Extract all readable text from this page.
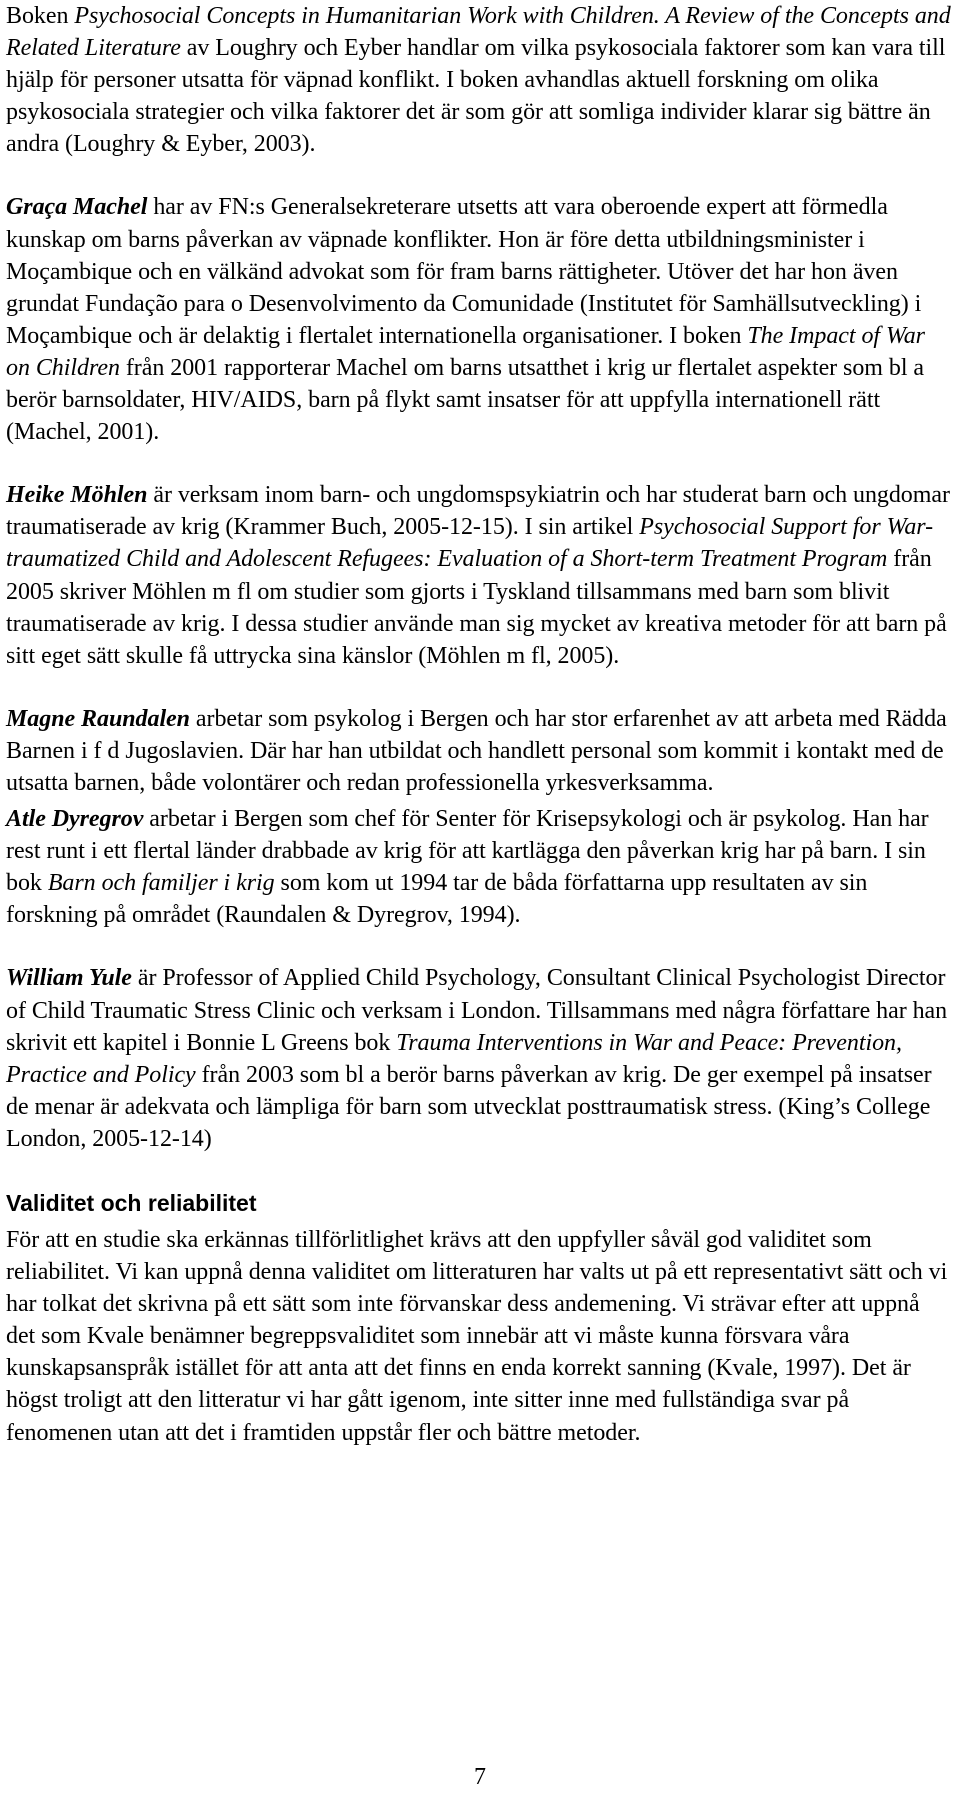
Boken Psychosocial Concepts in Humanitarian Work with Children. A Review of the Concepts and Related Literature av Loughry och Eyber handlar om vilka psykosociala faktorer som kan vara till hjälp för personer utsatta för väpnad konflikt. I boken avhandlas aktuell forskning om olika psykosociala strategier och vilka faktorer det är som gör att somliga individer klarar sig bättre än andra (Loughry & Eyber, 2003).

Graça Machel har av FN:s Generalsekreterare utsetts att vara oberoende expert att förmedla kunskap om barns påverkan av väpnade konflikter. Hon är före detta utbildningsminister i Moçambique och en välkänd advokat som för fram barns rättigheter. Utöver det har hon även grundat Fundação para o Desenvolvimento da Comunidade (Institutet för Samhällsutveckling) i Moçambique och är delaktig i flertalet internationella organisationer. I boken The Impact of War on Children från 2001 rapporterar Machel om barns utsatthet i krig ur flertalet aspekter som bl a berör barnsoldater, HIV/AIDS, barn på flykt samt insatser för att uppfylla internationell rätt (Machel, 2001).

Heike Möhlen är verksam inom barn- och ungdomspsykiatrin och har studerat barn och ungdomar traumatiserade av krig (Krammer Buch, 2005-12-15). I sin artikel Psychosocial Support for War-traumatized Child and Adolescent Refugees: Evaluation of a Short-term Treatment Program från 2005 skriver Möhlen m fl om studier som gjorts i Tyskland tillsammans med barn som blivit traumatiserade av krig. I dessa studier använde man sig mycket av kreativa metoder för att barn på sitt eget sätt skulle få uttrycka sina känslor (Möhlen m fl, 2005).

Magne Raundalen arbetar som psykolog i Bergen och har stor erfarenhet av att arbeta med Rädda Barnen i f d Jugoslavien. Där har han utbildat och handlett personal som kommit i kontakt med de utsatta barnen, både volontärer och redan professionella yrkesverksamma.

Atle Dyregrov arbetar i Bergen som chef för Senter för Krisepsykologi och är psykolog. Han har rest runt i ett flertal länder drabbade av krig för att kartlägga den påverkan krig har på barn. I sin bok Barn och familjer i krig som kom ut 1994 tar de båda författarna upp resultaten av sin forskning på området (Raundalen & Dyregrov, 1994).

William Yule är Professor of Applied Child Psychology, Consultant Clinical Psychologist Director of Child Traumatic Stress Clinic och verksam i London. Tillsammans med några författare har han skrivit ett kapitel i Bonnie L Greens bok Trauma Interventions in War and Peace: Prevention, Practice and Policy från 2003 som bl a berör barns påverkan av krig. De ger exempel på insatser de menar är adekvata och lämpliga för barn som utvecklat posttraumatisk stress. (King’s College London, 2005-12-14)

Validitet och reliabilitet

För att en studie ska erkännas tillförlitlighet krävs att den uppfyller såväl god validitet som reliabilitet. Vi kan uppnå denna validitet om litteraturen har valts ut på ett representativt sätt och vi har tolkat det skrivna på ett sätt som inte förvanskar dess andemening. Vi strävar efter att uppnå det som Kvale benämner begreppsvaliditet som innebär att vi måste kunna försvara våra kunskapsanspråk istället för att anta att det finns en enda korrekt sanning (Kvale, 1997). Det är högst troligt att den litteratur vi har gått igenom, inte sitter inne med fullständiga svar på fenomenen utan att det i framtiden uppstår fler och bättre metoder.

7
